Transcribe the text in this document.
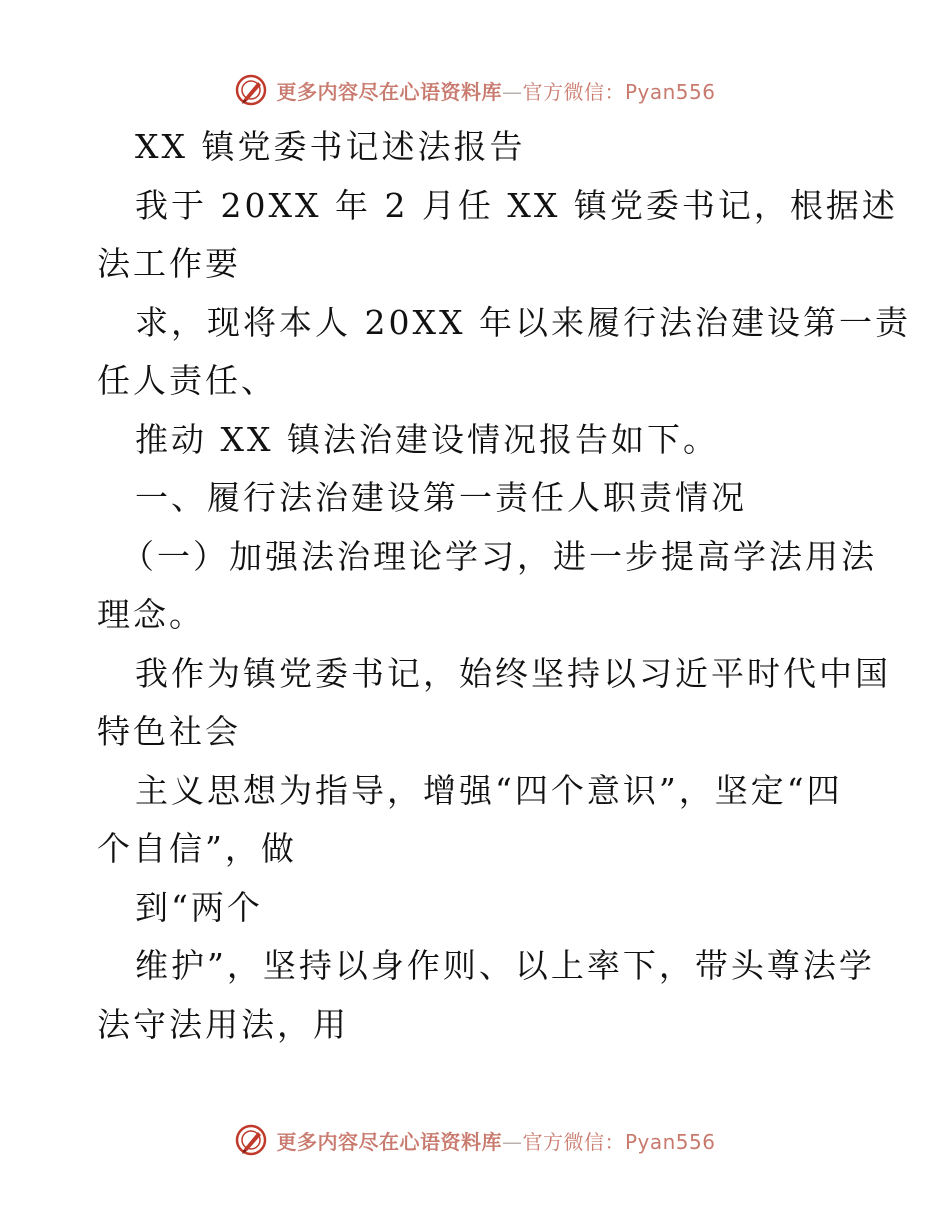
更多内容尽在心语资料库—官方微信：Pyan556
XX 镇党委书记述法报告
我于 20XX 年 2 月任 XX 镇党委书记，根据述
法工作要
求，现将本人 20XX 年以来履行法治建设第一责
任人责任、
推动 XX 镇法治建设情况报告如下。
一、履行法治建设第一责任人职责情况
（一）加强法治理论学习，进一步提高学法用法
理念。
我作为镇党委书记，始终坚持以习近平时代中国
特色社会
主义思想为指导，增强“四个意识”，坚定“四
个自信”，做
到“两个
维护”，坚持以身作则、以上率下，带头尊法学
法守法用法，用
更多内容尽在心语资料库—官方微信：Pyan556
